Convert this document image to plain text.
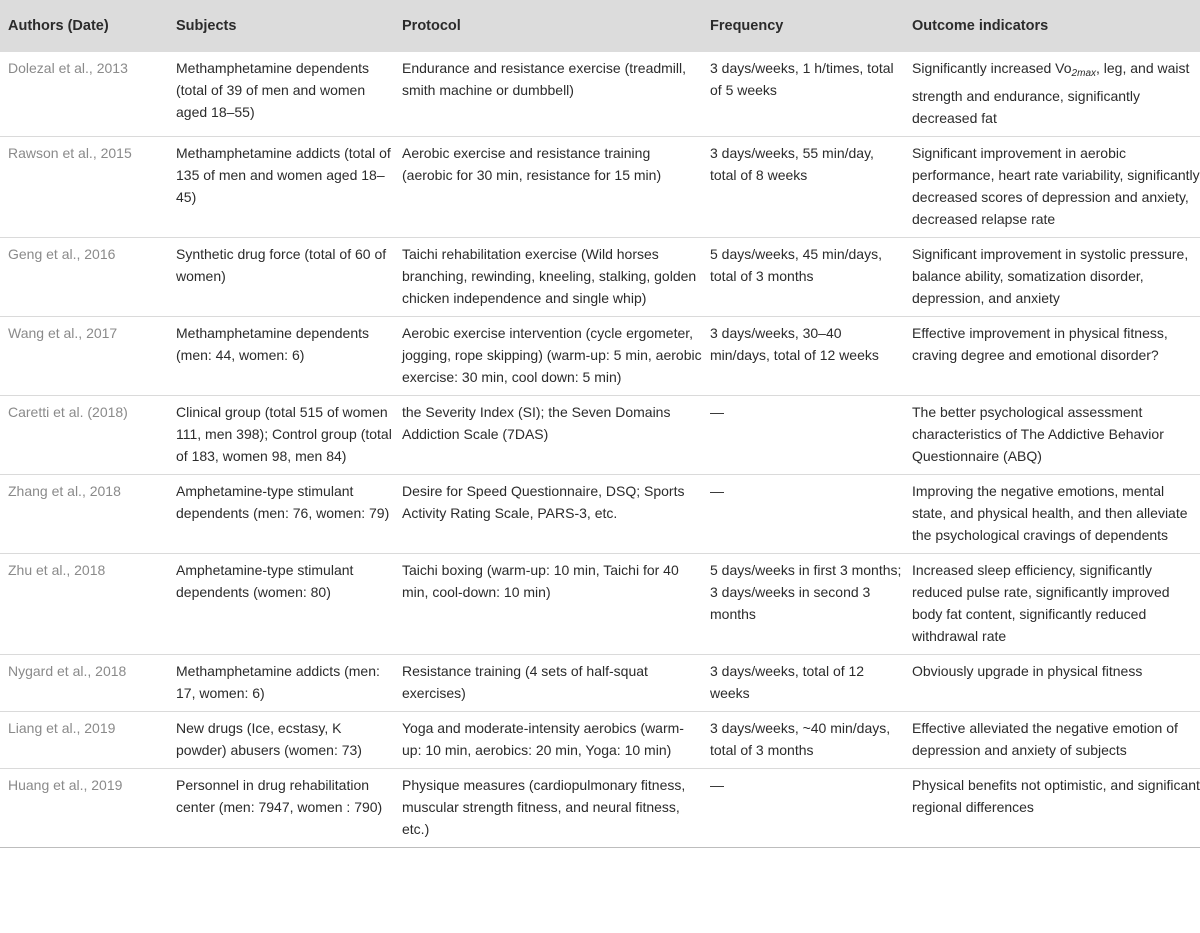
Authors (Date)	Subjects	Protocol	Frequency	Outcome indicators
Dolezal et al., 2013	Methamphetamine dependents (total of 39 of men and women aged 18–55)	Endurance and resistance exercise (treadmill, smith machine or dumbbell)	3 days/weeks, 1 h/times, total of 5 weeks	Significantly increased $Vo_{2max}$, leg, and waist strength and endurance, significantly decreased fat
Rawson et al., 2015	Methamphetamine addicts (total of 135 of men and women aged 18–45)	Aerobic exercise and resistance training (aerobic for 30 min, resistance for 15 min)	3 days/weeks, 55 min/day, total of 8 weeks	Significant improvement in aerobic performance, heart rate variability, significantly decreased scores of depression and anxiety, decreased relapse rate
Geng et al., 2016	Synthetic drug force (total of 60 of women)	Taichi rehabilitation exercise (Wild horses branching, rewinding, kneeling, stalking, golden chicken independence and single whip)	5 days/weeks, 45 min/days, total of 3 months	Significant improvement in systolic pressure, balance ability, somatization disorder, depression, and anxiety
Wang et al., 2017	Methamphetamine dependents (men: 44, women: 6)	Aerobic exercise intervention (cycle ergometer, jogging, rope skipping) (warm-up: 5 min, aerobic exercise: 30 min, cool down: 5 min)	3 days/weeks, 30–40 min/days, total of 12 weeks	Effective improvement in physical fitness, craving degree and emotional disorder?
Caretti et al. (2018)	Clinical group (total 515 of women 111, men 398); Control group (total of 183, women 98, men 84)	the Severity Index (SI); the Seven Domains Addiction Scale (7DAS)	—	The better psychological assessment characteristics of The Addictive Behavior Questionnaire (ABQ)
Zhang et al., 2018	Amphetamine-type stimulant dependents (men: 76, women: 79)	Desire for Speed Questionnaire, DSQ; Sports Activity Rating Scale, PARS-3, etc.	—	Improving the negative emotions, mental state, and physical health, and then alleviate the psychological cravings of dependents
Zhu et al., 2018	Amphetamine-type stimulant dependents (women: 80)	Taichi boxing (warm-up: 10 min, Taichi for 40 min, cool-down: 10 min)	5 days/weeks in first 3 months; 3 days/weeks in second 3 months	Increased sleep efficiency, significantly reduced pulse rate, significantly improved body fat content, significantly reduced withdrawal rate
Nygard et al., 2018	Methamphetamine addicts (men: 17, women: 6)	Resistance training (4 sets of half-squat exercises)	3 days/weeks, total of 12 weeks	Obviously upgrade in physical fitness
Liang et al., 2019	New drugs (Ice, ecstasy, K powder) abusers (women: 73)	Yoga and moderate-intensity aerobics (warm-up: 10 min, aerobics: 20 min, Yoga: 10 min)	3 days/weeks, ~40 min/days, total of 3 months	Effective alleviated the negative emotion of depression and anxiety of subjects
Huang et al., 2019	Personnel in drug rehabilitation center (men: 7947, women : 790)	Physique measures (cardiopulmonary fitness, muscular strength fitness, and neural fitness, etc.)	—	Physical benefits not optimistic, and significant regional differences
